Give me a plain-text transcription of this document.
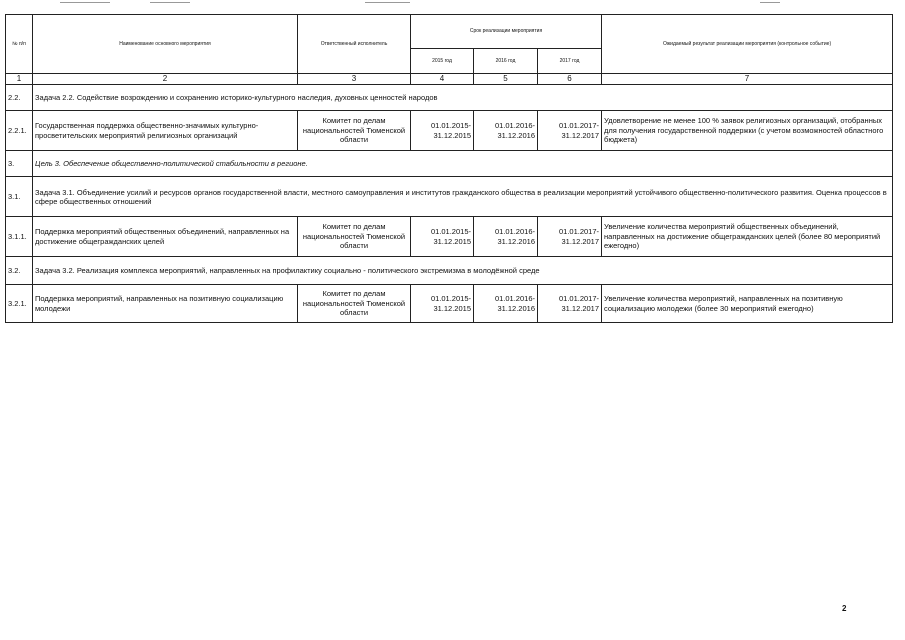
№ п/п	Наименование основного мероприятия	Ответственный исполнитель	Срок реализации мероприятия			Ожидаемый результат реализации мероприятия (контрольное событие)
			2015 год	2016 год	2017 год	
1	2	3	4	5	6	7
2.2.	Задача 2.2. Содействие возрождению и сохранению историко-культурного наследия, духовных ценностей народов					
2.2.1.	Государственная поддержка общественно-значимых культурно-просветительских мероприятий религиозных организаций	Комитет по делам национальностей Тюменской области	01.01.2015-31.12.2015	01.01.2016-31.12.2016	01.01.2017-31.12.2017	Удовлетворение не менее 100 % заявок религиозных организаций, отобранных для получения государственной поддержки (с учетом возможностей областного бюджета)
3.	Цель 3. Обеспечение общественно-политической стабильности в регионе.					
3.1.	Задача 3.1. Объединение усилий и ресурсов органов государственной власти, местного самоуправления и институтов гражданского общества в реализации мероприятий устойчивого общественно-политического развития. Оценка процессов в сфере общественных отношений					
3.1.1.	Поддержка мероприятий общественных объединений, направленных на достижение общегражданских целей	Комитет по делам национальностей Тюменской области	01.01.2015-31.12.2015	01.01.2016-31.12.2016	01.01.2017-31.12.2017	Увеличение количества мероприятий общественных объединений, направленных на достижение общегражданских целей (более 80 мероприятий ежегодно)
3.2.	Задача 3.2. Реализация комплекса мероприятий, направленных на профилактику социально - политического экстремизма в молодёжной среде					
3.2.1.	Поддержка мероприятий, направленных на позитивную социализацию молодежи	Комитет по делам национальностей Тюменской области	01.01.2015-31.12.2015	01.01.2016-31.12.2016	01.01.2017-31.12.2017	Увеличение количества мероприятий, направленных на позитивную социализацию молодежи (более 30 мероприятий ежегодно)
2
